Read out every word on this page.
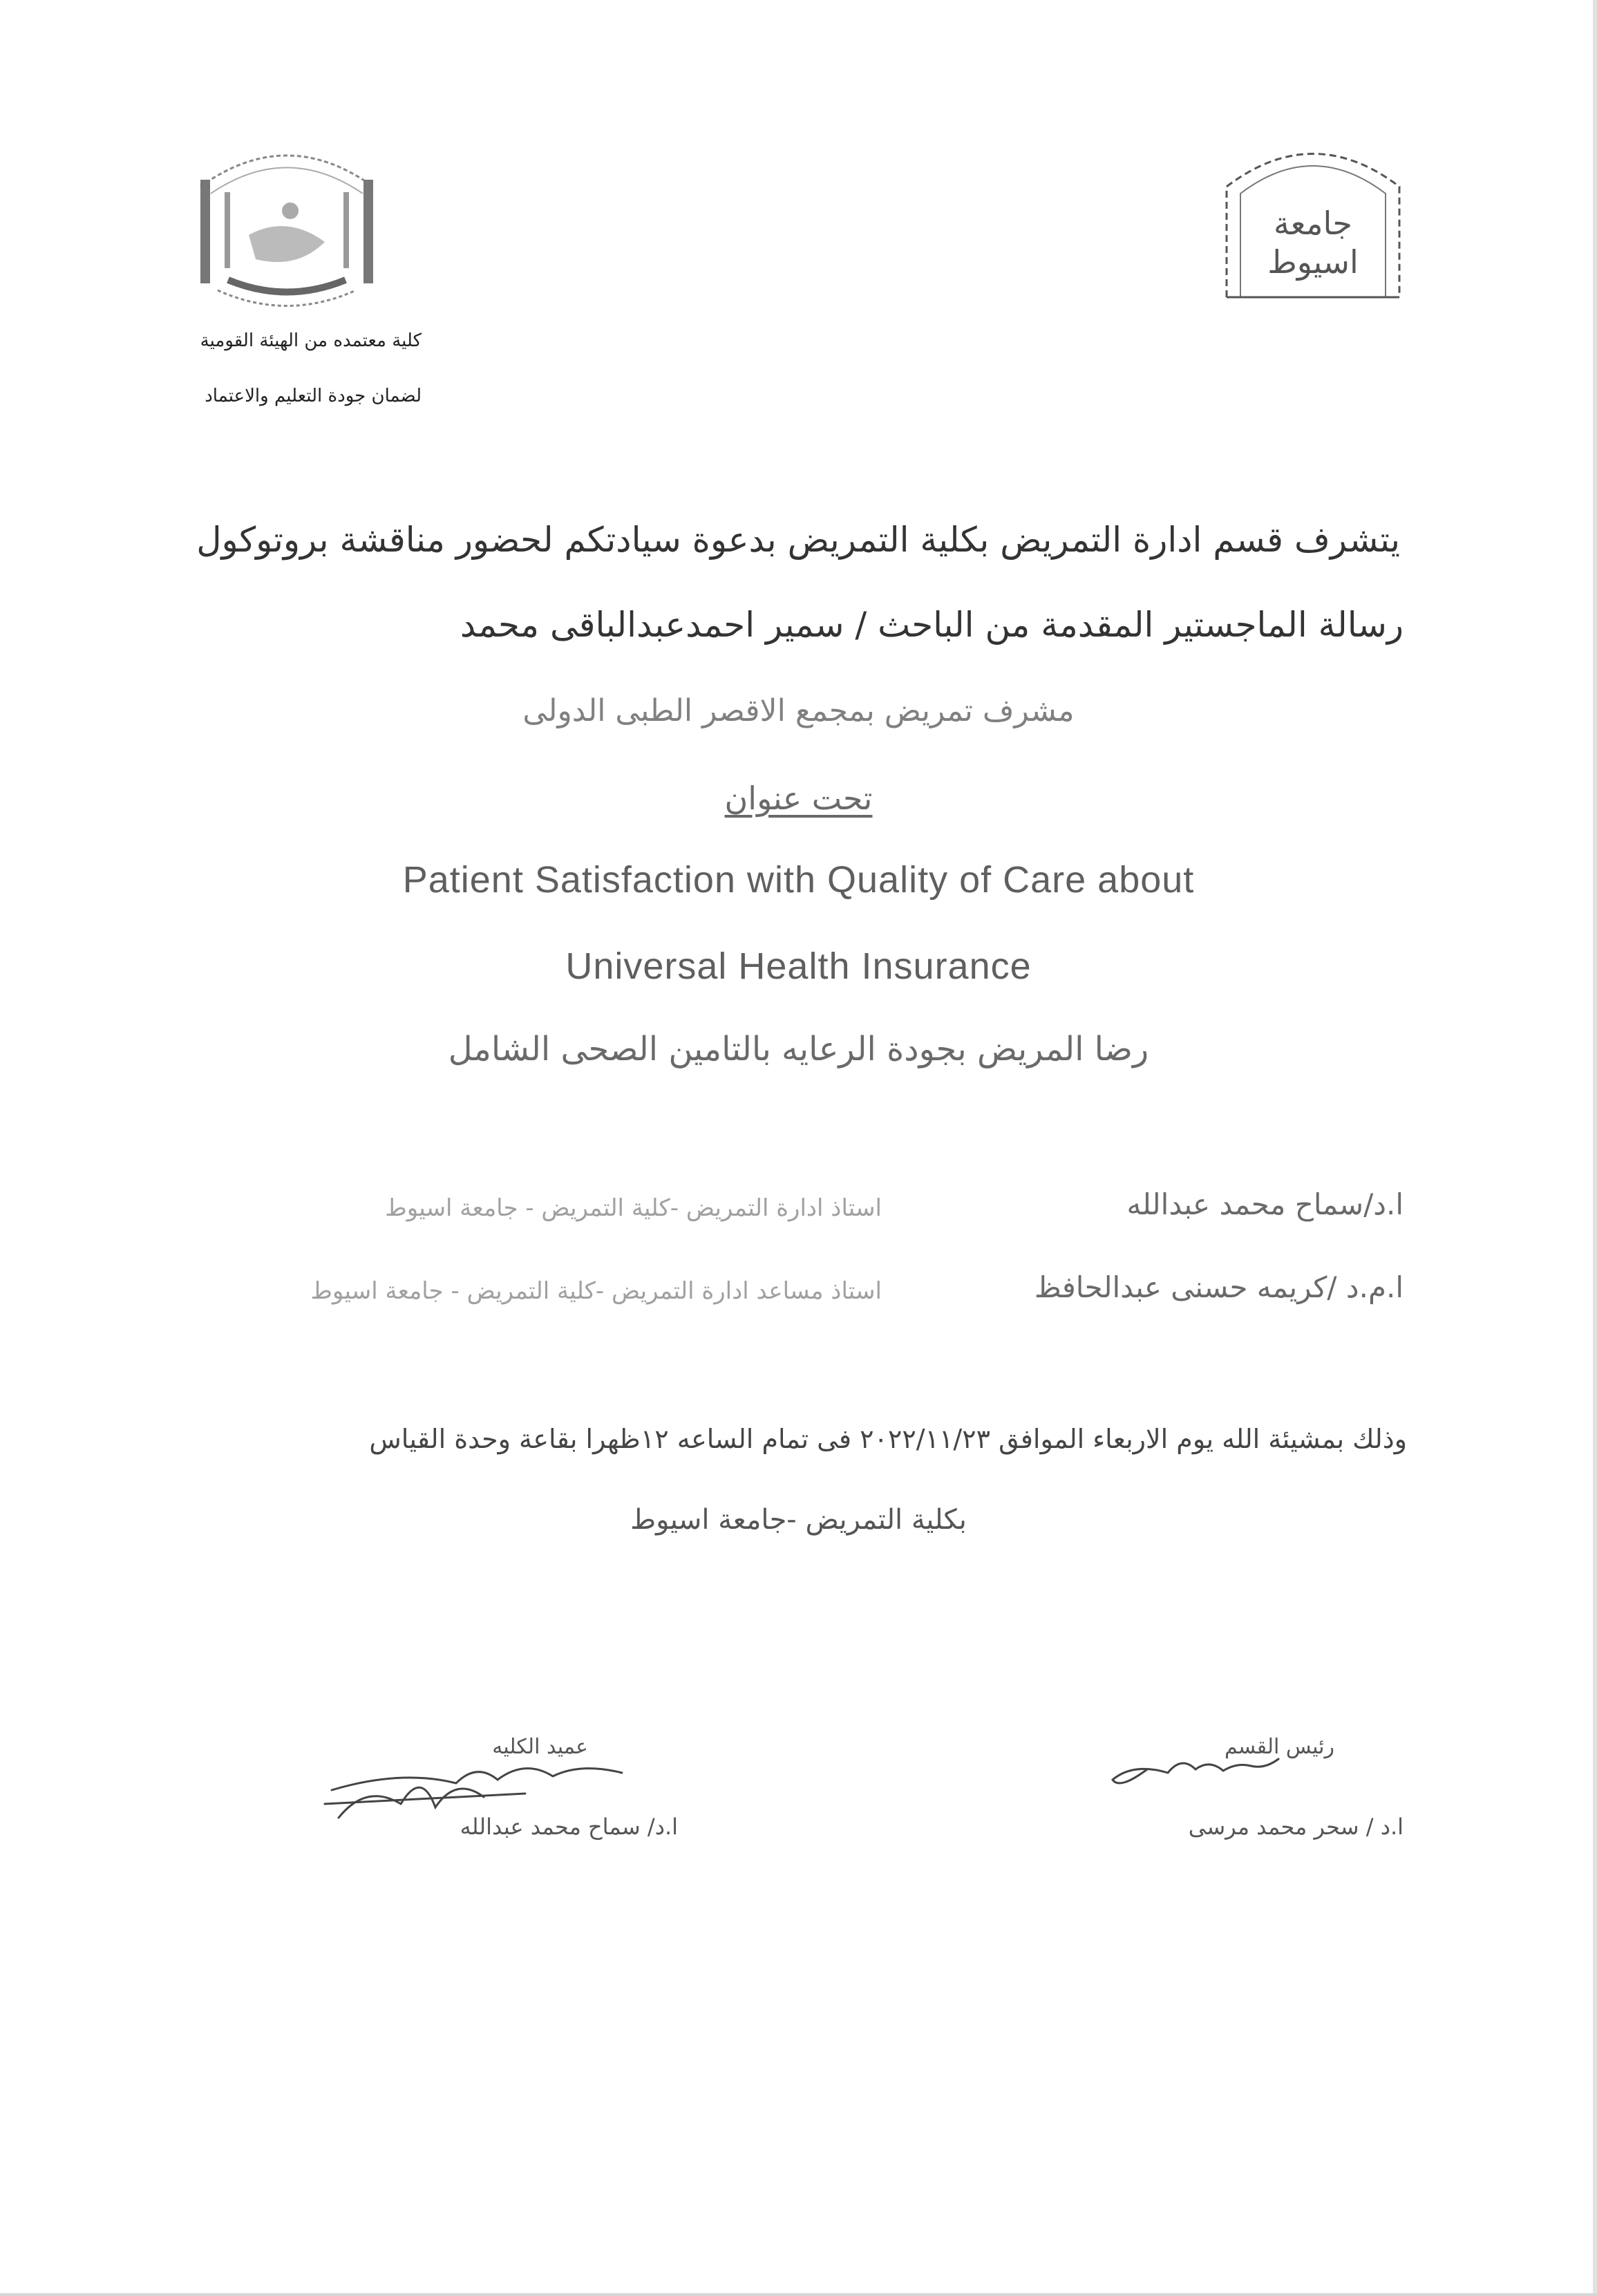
كلية معتمده من الهيئة القومية
لضمان جودة التعليم والاعتماد
جامعة اسيوط
يتشرف قسم ادارة التمريض بكلية التمريض بدعوة سيادتكم لحضور مناقشة بروتوكول
رسالة الماجستير المقدمة من الباحث / سمير احمدعبدالباقى محمد
مشرف تمريض بمجمع الاقصر الطبى الدولى
تحت عنوان
Patient Satisfaction with Quality of Care about
Universal Health Insurance
رضا المريض بجودة الرعايه بالتامين الصحى الشامل
ا.د/سماح محمد عبدالله
استاذ ادارة التمريض -كلية التمريض - جامعة اسيوط
ا.م.د /كريمه حسنى عبدالحافظ
استاذ مساعد ادارة التمريض -كلية التمريض - جامعة اسيوط
وذلك بمشيئة الله يوم الاربعاء الموافق ٢٠٢٢/١١/٢٣ فى تمام الساعه ١٢ظهرا بقاعة وحدة القياس
بكلية التمريض -جامعة اسيوط
رئيس القسم
ا.د / سحر محمد مرسى
عميد الكليه
ا.د/ سماح محمد عبدالله
